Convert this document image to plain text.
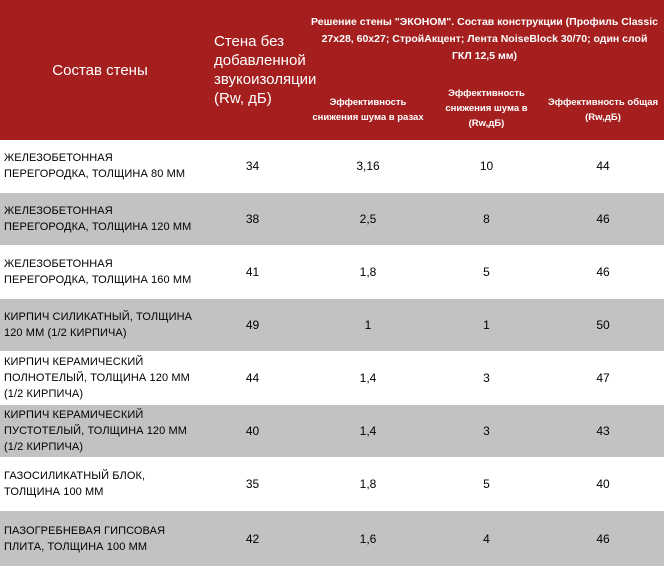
Состав стены	Стена без добавленной звукоизоляции (Rw, дБ)	Решение стены "ЭКОНОМ". Состав конструкции (Профиль Classic 27x28, 60x27; СтройАкцент; Лента NoiseBlock 30/70; один слой ГКЛ 12,5 мм)		
		Эффективность снижения шума в разах	Эффективность снижения шума в (Rw,дБ)	Эффективность общая (Rw,дБ)
ЖЕЛЕЗОБЕТОННАЯ ПЕРЕГОРОДКА, ТОЛЩИНА 80 ММ	34	3,16	10	44
ЖЕЛЕЗОБЕТОННАЯ ПЕРЕГОРОДКА, ТОЛЩИНА 120 ММ	38	2,5	8	46
ЖЕЛЕЗОБЕТОННАЯ ПЕРЕГОРОДКА, ТОЛЩИНА 160 ММ	41	1,8	5	46
КИРПИЧ СИЛИКАТНЫЙ, ТОЛЩИНА 120 ММ (1/2 КИРПИЧА)	49	1	1	50
КИРПИЧ КЕРАМИЧЕСКИЙ ПОЛНОТЕЛЫЙ, ТОЛЩИНА 120 ММ (1/2 КИРПИЧА)	44	1,4	3	47
КИРПИЧ КЕРАМИЧЕСКИЙ ПУСТОТЕЛЫЙ, ТОЛЩИНА 120 ММ (1/2 КИРПИЧА)	40	1,4	3	43
ГАЗОСИЛИКАТНЫЙ БЛОК, ТОЛЩИНА 100 ММ	35	1,8	5	40
ПАЗОГРЕБНЕВАЯ ГИПСОВАЯ ПЛИТА, ТОЛЩИНА 100 ММ	42	1,6	4	46
